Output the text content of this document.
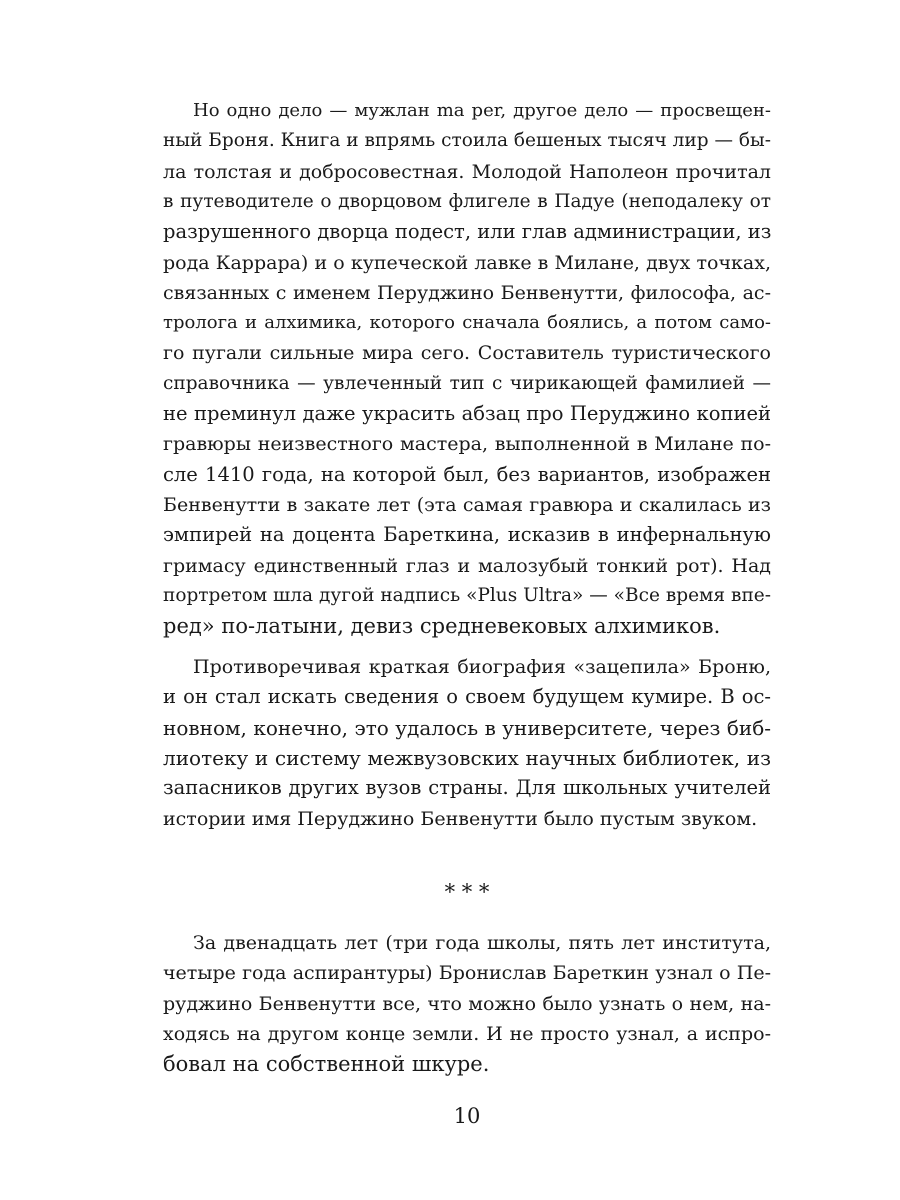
Но одно дело — мужлан ma per, другое дело — просвещен-
ный Броня. Книга и впрямь стоила бешеных тысяч лир — бы-
ла толстая и добросовестная. Молодой Наполеон прочитал
в путеводителе о дворцовом флигеле в Падуе (неподалеку от
разрушенного дворца подест, или глав администрации, из
рода Каррара) и о купеческой лавке в Милане, двух точках,
связанных с именем Перуджино Бенвенутти, философа, ас-
тролога и алхимика, которого сначала боялись, а потом само-
го пугали сильные мира сего. Составитель туристического
справочника — увлеченный тип с чирикающей фамилией —
не преминул даже украсить абзац про Перуджино копией
гравюры неизвестного мастера, выполненной в Милане по-
сле 1410 года, на которой был, без вариантов, изображен
Бенвенутти в закате лет (эта самая гравюра и скалилась из
эмпирей на доцента Бареткина, исказив в инфернальную
гримасу единственный глаз и малозубый тонкий рот). Над
портретом шла дугой надпись «Plus Ultra» — «Все время впе-
ред» по-латыни, девиз средневековых алхимиков.
Противоречивая краткая биография «зацепила» Броню,
и он стал искать сведения о своем будущем кумире. В ос-
новном, конечно, это удалось в университете, через биб-
лиотеку и систему межвузовских научных библиотек, из
запасников других вузов страны. Для школьных учителей
истории имя Перуджино Бенвенутти было пустым звуком.
За двенадцать лет (три года школы, пять лет института,
четыре года аспирантуры) Бронислав Бареткин узнал о Пе-
руджино Бенвенутти все, что можно было узнать о нем, на-
ходясь на другом конце земли. И не просто узнал, а испро-
бовал на собственной шкуре.
* * *
10
